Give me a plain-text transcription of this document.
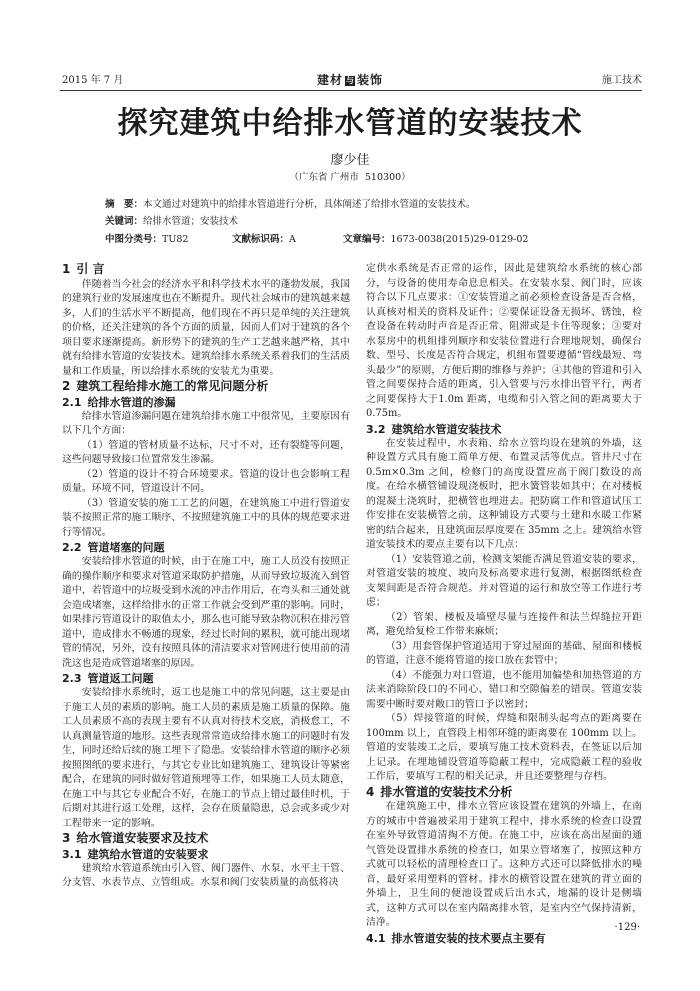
2015 年 7 月	建材 与 装饰	施工技术
探究建筑中给排水管道的安装技术
廖少佳
（广东省 广州市  510300）
摘　要：本文通过对建筑中的给排水管道进行分析，具体阐述了给排水管道的安装技术。
关键词：给排水管道；安装技术
中图分类号：TU82	文献标识码：A	文章编号：1673-0038(2015)29-0129-02
1 引 言

伴随着当今社会的经济水平和科学技术水平的蓬勃发展，我国的建筑行业的发展速度也在不断提升。现代社会城市的建筑越来越多，人们的生活水平不断提高，他们现在不再只是单纯的关注建筑的价格，还关注建筑的各个方面的质量，因而人们对于建筑的各个项目要求逐渐提高。新形势下的建筑的生产工艺越来越严格，其中就有给排水管道的安装技术。建筑给排水系统关系着我们的生活质量和工作质量，所以给排水系统的安装尤为重要。

2 建筑工程给排水施工的常见问题分析
2.1 给排水管道的渗漏

给排水管道渗漏问题在建筑给排水施工中很常见，主要原因有以下几个方面：

（1）管道的管材质量不达标，尺寸不对，还有裂缝等问题，这些问题导致接口位置常发生渗漏。

（2）管道的设计不符合环境要求。管道的设计也会影响工程质量。环境不同，管道设计不同。

（3）管道安装的施工工艺的问题，在建筑施工中进行管道安装不按照正常的施工顺序、不按照建筑施工中的具体的规范要求进行等情况。

2.2 管道堵塞的问题

安装给排水管道的时候，由于在施工中，施工人员没有按照正确的操作顺序和要求对管道采取防护措施，从而导致垃圾流入到管道中，若管道中的垃圾受到水流的冲击作用后，在弯头和三通处就会造成堵塞，这样给排水的正常工作就会受到严重的影响。同时，如果排污管道设计的取值太小，那么也可能导致杂物沉积在排污管道中，造成排水不畅通的现象，经过长时间的累积，就可能出现堵管的情况，另外，没有按照具体的清洁要求对管网进行使用前的清洗这也是造成管道堵塞的原因。

2.3 管道返工问题

安装给排水系统时，返工也是施工中的常见问题，这主要是由于施工人员的素质的影响。施工人员的素质是施工质量的保障。施工人员素质不高的表现主要有不认真对待技术交底，消极怠工，不认真测量管道的地形。这些表现常常造成给排水施工的问题时有发生，同时还给后续的施工埋下了隐患。安装给排水管道的顺序必须按照图纸的要求进行，与其它专业比如建筑施工、建筑设计等紧密配合，在建筑的同时做好管道预埋等工作，如果施工人员太随意，在施工中与其它专业配合不好，在施工的节点上错过最佳时机，于后期对其进行返工处理，这样，会存在质量隐患，总会或多或少对工程带来一定的影响。

3 给水管道安装要求及技术
3.1 建筑给水管道的安装要求

建筑给水管道系统由引入管、阀门器件、水泵、水平主干管、分支管、水表节点、立管组成。水泵和阀门安装质量的高低将决

定供水系统是否正常的运作，因此是建筑给水系统的核心部分，与设备的使用寿命息息相关。在安装水泵、阀门时，应该符合以下几点要求：①安装管道之前必须检查设备是否合格，认真核对相关的资料及证件；②要保证设备无损坏、锈蚀，检查设备在转动时声音是否正常、阻滞或是卡住等现象；③要对水泵房中的机组排列顺序和安装位置进行合理地规划，确保台数、型号、长度是否符合规定，机组布置要遵循“管线最短、弯头最少”的原则，方便后期的维修与养护；④其他的管道和引入管之间要保持合适的距离，引入管要与污水排出管平行，两者之间要保持大于1.0m 距离，电缆和引入管之间的距离要大于 0.75m。

3.2 建筑给水管道安装技术

在安装过程中，水表箱、给水立管均设在建筑的外墙，这种设置方式具有施工简单方便、布置灵活等优点。管井尺寸在 0.5m×0.3m 之间，检修门的高度设置应高于阀门数设的高度。在给水横管铺设现浇板时，把水簧管装如其中；在对楼板的混凝土浇筑时，把横管也埋进去。把防腐工作和管道试压工作安排在安装横管之前，这种铺设方式要与土建和水暖工作紧密的结合起来，且建筑面层厚度要在 35mm 之上。建筑给水管道安装技术的要点主要有以下几点：

（1）安装管道之前，检测支架能否满足管道安装的要求，对管道安装的坡度、坡向及标高要求进行复测，根据图纸检查支架间距是否符合规范。并对管道的运行和放空等工作进行考虑；

（2）管架、楼板及墙壁尽量与连接件和法兰焊缝拉开距离，避免给复检工作带来麻烦；

（3）用套管保护管道适用于穿过屋面的基础、屋面和楼板的管道，注意不能将管道的接口放在套管中；

（4）不能强力对口管道，也不能用加偏垫和加热管道的方法来消除阶段口的不同心、错口和空隙偏差的错误。管道安装需要中断时要对敞口的管口予以密封；

（5）焊接管道的时候，焊缝和限制头起弯点的距离要在100mm 以上，直管段上相邻环缝的距离要在 100mm 以上。管道的安装竣工之后，要填写施工技术资料表，在签证以后加上记录。在埋地铺设管道等隐蔽工程中，完成隐蔽工程的验收工作后，要填写工程的相关记录，并且还要整理与存档。

4 排水管道的安装技术分析

在建筑施工中，排水立管应该设置在建筑的外墙上，在南方的城市中普遍被采用于建筑工程中，排水系统的检查口设置在室外导致管道清掏不方便。在施工中，应该在高出屋面的通气管处设置排水系统的检查口，如果立管堵塞了，按照这种方式就可以轻松的清理检查口了。这种方式还可以降低排水的噪音，最好采用塑料的管材。排水的横管设置在建筑的背立面的外墙上，卫生间的便池设置成后出水式，地漏的设计是侧墙式，这种方式可以在室内隔离排水管，是室内空气保持清新，洁净。

4.1 排水管道安装的技术要点主要有
·129·
